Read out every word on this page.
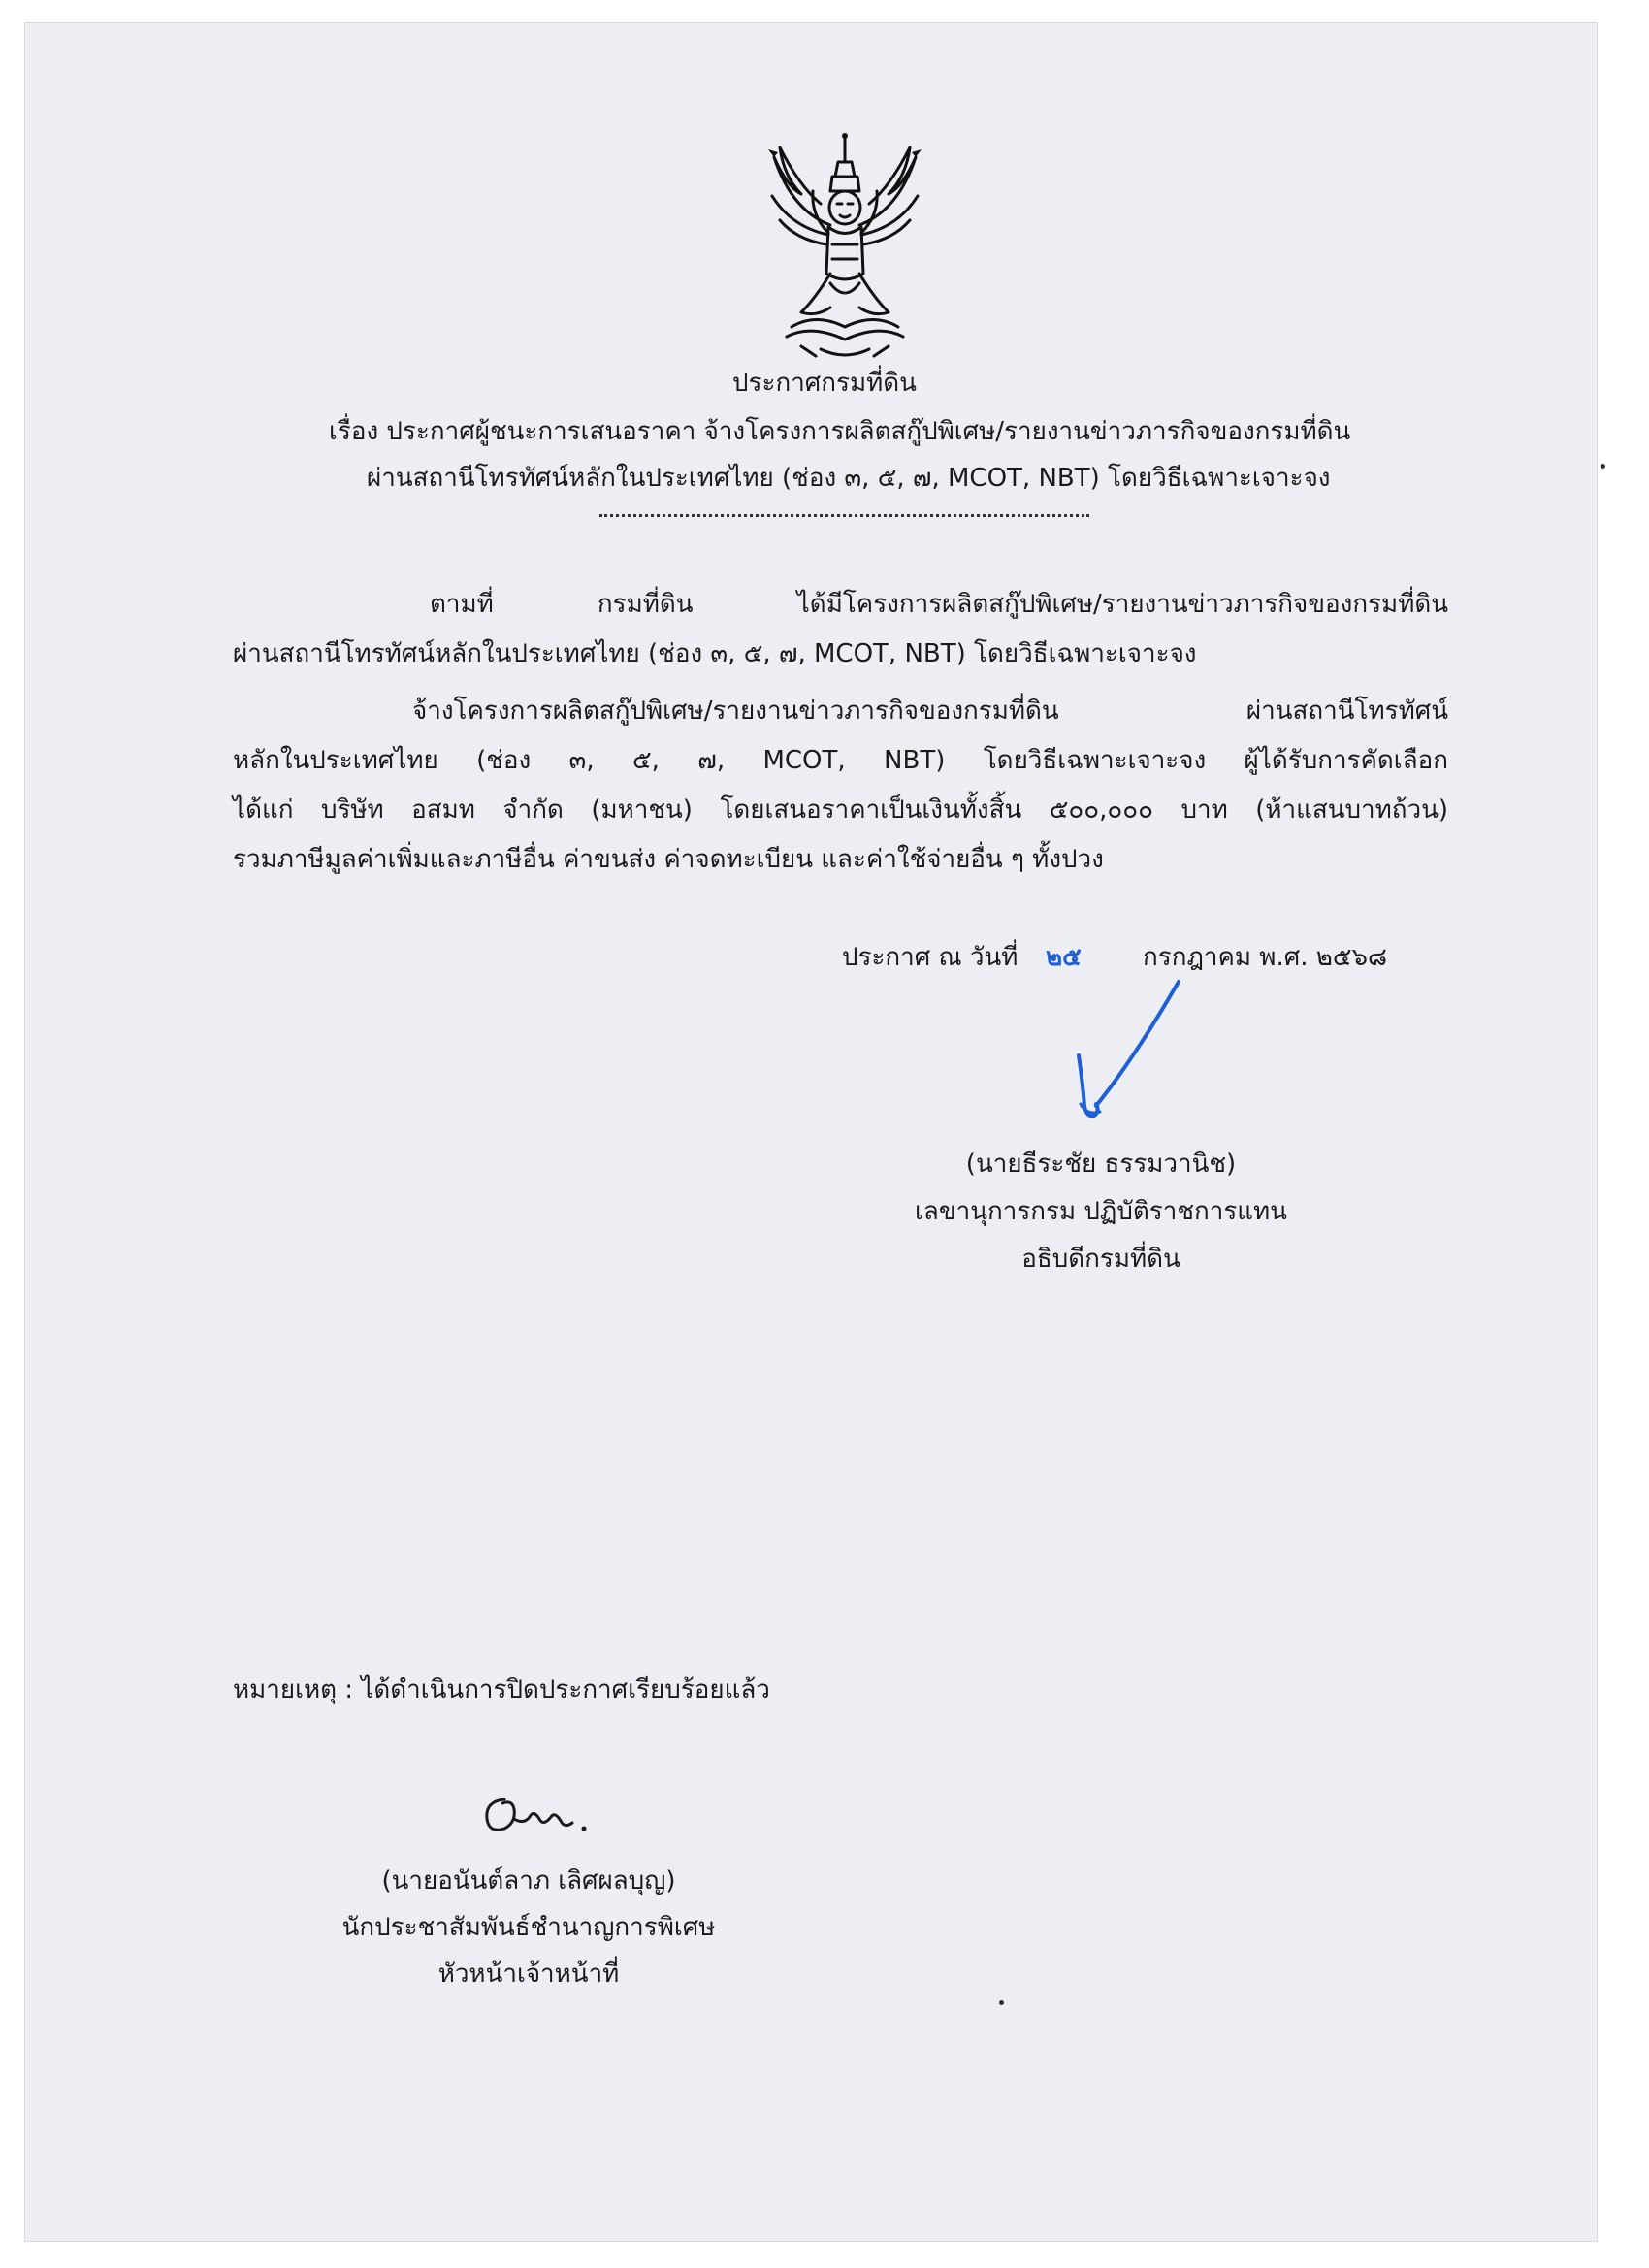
ประกาศกรมที่ดิน
เรื่อง ประกาศผู้ชนะการเสนอราคา จ้างโครงการผลิตสกู๊ปพิเศษ/รายงานข่าวภารกิจของกรมที่ดิน
ผ่านสถานีโทรทัศน์หลักในประเทศไทย (ช่อง ๓, ๕, ๗, MCOT, NBT) โดยวิธีเฉพาะเจาะจง
ตามที่ กรมที่ดิน ได้มีโครงการผลิตสกู๊ปพิเศษ/รายงานข่าวภารกิจของกรมที่ดิน
ผ่านสถานีโทรทัศน์หลักในประเทศไทย (ช่อง ๓, ๕, ๗, MCOT, NBT) โดยวิธีเฉพาะเจาะจง
จ้างโครงการผลิตสกู๊ปพิเศษ/รายงานข่าวภารกิจของกรมที่ดิน ผ่านสถานีโทรทัศน์
หลักในประเทศไทย (ช่อง ๓, ๕, ๗, MCOT, NBT) โดยวิธีเฉพาะเจาะจง ผู้ได้รับการคัดเลือก
ได้แก่ บริษัท อสมท จำกัด (มหาชน) โดยเสนอราคาเป็นเงินทั้งสิ้น ๕๐๐,๐๐๐ บาท (ห้าแสนบาทถ้วน)
รวมภาษีมูลค่าเพิ่มและภาษีอื่น ค่าขนส่ง ค่าจดทะเบียน และค่าใช้จ่ายอื่น ๆ ทั้งปวง
ประกาศ ณ วันที่ ๒๕ กรกฎาคม พ.ศ. ๒๕๖๘
(นายธีระชัย ธรรมวานิช)
เลขานุการกรม ปฏิบัติราชการแทน
อธิบดีกรมที่ดิน
หมายเหตุ : ได้ดำเนินการปิดประกาศเรียบร้อยแล้ว
(นายอนันต์ลาภ เลิศผลบุญ)
นักประชาสัมพันธ์ชำนาญการพิเศษ
หัวหน้าเจ้าหน้าที่
